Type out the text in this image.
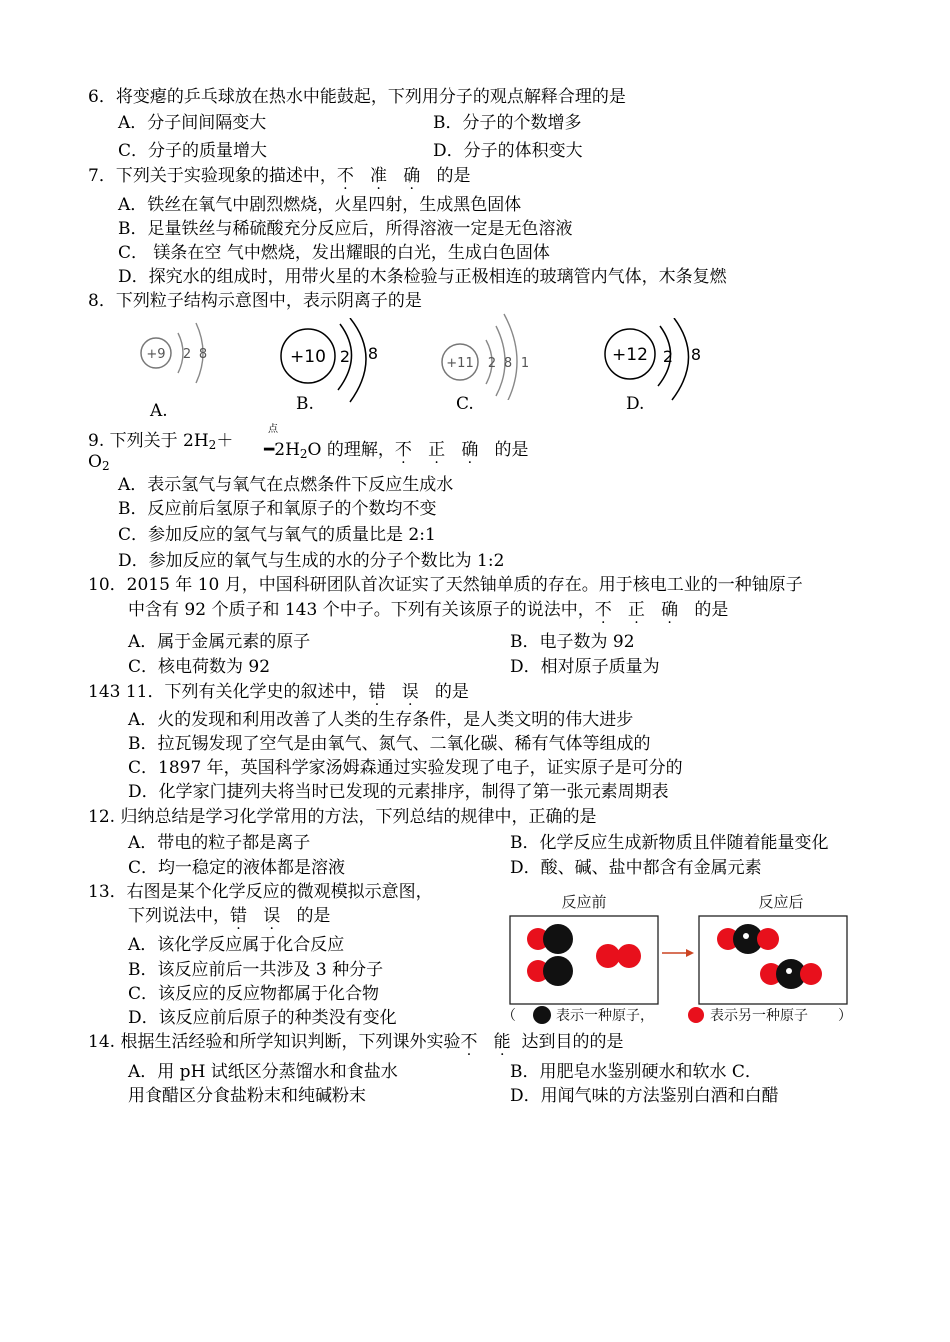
6．将变瘪的乒乓球放在热水中能鼓起，下列用分子的观点解释合理的是
A．分子间间隔变大	B．分子的个数增多
C．分子的质量增大	D．分子的体积变大
7．下列关于实验现象的描述中，不 准 确 的是
A．铁丝在氧气中剧烈燃烧，火星四射，生成黑色固体
B．足量铁丝与稀硫酸充分反应后，所得溶液一定是无色溶液
C． 镁条在空 气中燃烧，发出耀眼的白光，生成白色固体
D．探究水的组成时，用带火星的木条检验与正极相连的玻璃管内气体，木条复燃
8．下列粒子结构示意图中，表示阴离子的是
+9 2 8
A.
+10 2 8
B.
+11 2 8 1
C.
+12 2 8
D.
9. 下列关于 $2H_2+$
$O_2$
点
$━2H_2O$ 的理解，不 正 确 的是
A．表示氢气与氧气在点燃条件下反应生成水
B．反应前后氢原子和氧原子的个数均不变
C．参加反应的氢气与氧气的质量比是 2:1
D．参加反应的氧气与生成的水的分子个数比为 1:2
10．2015 年 10 月，中国科研团队首次证实了天然铀单质的存在。用于核电工业的一种铀原子
中含有 92 个质子和 143 个中子。下列有关该原子的说法中，不 正 确 的是
A．属于金属元素的原子	B．电子数为 92
C．核电荷数为 92	D．相对原子质量为
143 11．下列有关化学史的叙述中，错 误 的是
A．火的发现和利用改善了人类的生存条件，是人类文明的伟大进步
B．拉瓦锡发现了空气是由氧气、氮气、二氧化碳、稀有气体等组成的
C．1897 年，英国科学家汤姆森通过实验发现了电子，证实原子是可分的
D．化学家门捷列夫将当时已发现的元素排序，制得了第一张元素周期表
12. 归纳总结是学习化学常用的方法，下列总结的规律中，正确的是
A．带电的粒子都是离子	B．化学反应生成新物质且伴随着能量变化
C．均一稳定的液体都是溶液	D．酸、碱、盐中都含有金属元素
13．右图是某个化学反应的微观模拟示意图，
下列说法中，错 误 的是
A．该化学反应属于化合反应
B．该反应前后一共涉及 3 种分子
C．该反应的反应物都属于化合物
D．该反应前后原子的种类没有变化
反应前	反应后
（	表示一种原子，	表示另一种原子 ）
14. 根据生活经验和所学知识判断，下列课外实验不 能 达到目的的是
A．用 pH 试纸区分蒸馏水和食盐水	B．用肥皂水鉴别硬水和软水 C．
用食醋区分食盐粉末和纯碱粉末	D．用闻气味的方法鉴别白酒和白醋
